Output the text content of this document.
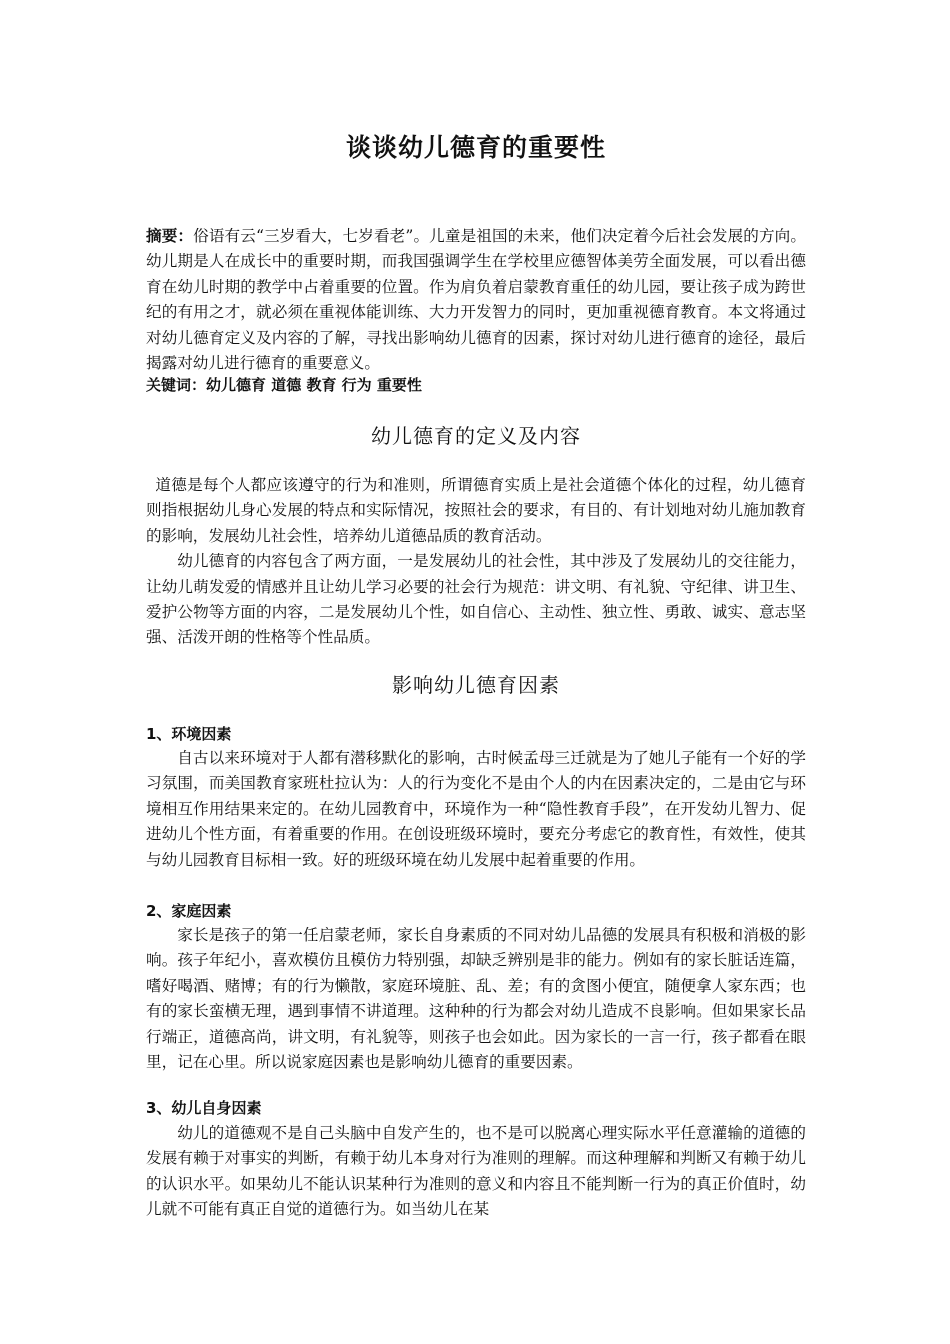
谈谈幼儿德育的重要性
摘要：俗语有云“三岁看大，七岁看老”。儿童是祖国的未来，他们决定着今后社会发展的方向。幼儿期是人在成长中的重要时期，而我国强调学生在学校里应德智体美劳全面发展，可以看出德育在幼儿时期的教学中占着重要的位置。作为肩负着启蒙教育重任的幼儿园，要让孩子成为跨世纪的有用之才，就必须在重视体能训练、大力开发智力的同时，更加重视德育教育。本文将通过对幼儿德育定义及内容的了解，寻找出影响幼儿德育的因素，探讨对幼儿进行德育的途径，最后揭露对幼儿进行德育的重要意义。
关键词：幼儿德育 道德 教育 行为 重要性
幼儿德育的定义及内容

道德是每个人都应该遵守的行为和准则，所谓德育实质上是社会道德个体化的过程，幼儿德育则指根据幼儿身心发展的特点和实际情况，按照社会的要求，有目的、有计划地对幼儿施加教育的影响，发展幼儿社会性，培养幼儿道德品质的教育活动。

幼儿德育的内容包含了两方面，一是发展幼儿的社会性，其中涉及了发展幼儿的交往能力，让幼儿萌发爱的情感并且让幼儿学习必要的社会行为规范：讲文明、有礼貌、守纪律、讲卫生、爱护公物等方面的内容，二是发展幼儿个性，如自信心、主动性、独立性、勇敢、诚实、意志坚强、活泼开朗的性格等个性品质。

影响幼儿德育因素
1、环境因素

自古以来环境对于人都有潜移默化的影响，古时候孟母三迁就是为了她儿子能有一个好的学习氛围，而美国教育家班杜拉认为：人的行为变化不是由个人的内在因素决定的，二是由它与环境相互作用结果来定的。在幼儿园教育中，环境作为一种“隐性教育手段”，在开发幼儿智力、促进幼儿个性方面，有着重要的作用。在创设班级环境时，要充分考虑它的教育性，有效性，使其与幼儿园教育目标相一致。好的班级环境在幼儿发展中起着重要的作用。

2、家庭因素

家长是孩子的第一任启蒙老师，家长自身素质的不同对幼儿品德的发展具有积极和消极的影响。孩子年纪小，喜欢模仿且模仿力特别强，却缺乏辨别是非的能力。例如有的家长脏话连篇，嗜好喝酒、赌博；有的行为懒散，家庭环境脏、乱、差；有的贪图小便宜，随便拿人家东西；也有的家长蛮横无理，遇到事情不讲道理。这种种的行为都会对幼儿造成不良影响。但如果家长品行端正，道德高尚，讲文明，有礼貌等，则孩子也会如此。因为家长的一言一行，孩子都看在眼里，记在心里。所以说家庭因素也是影响幼儿德育的重要因素。

3、幼儿自身因素

幼儿的道德观不是自己头脑中自发产生的，也不是可以脱离心理实际水平任意灌输的道德的发展有赖于对事实的判断，有赖于幼儿本身对行为准则的理解。而这种理解和判断又有赖于幼儿的认识水平。如果幼儿不能认识某种行为准则的意义和内容且不能判断一行为的真正价值时，幼儿就不可能有真正自觉的道德行为。如当幼儿在某
